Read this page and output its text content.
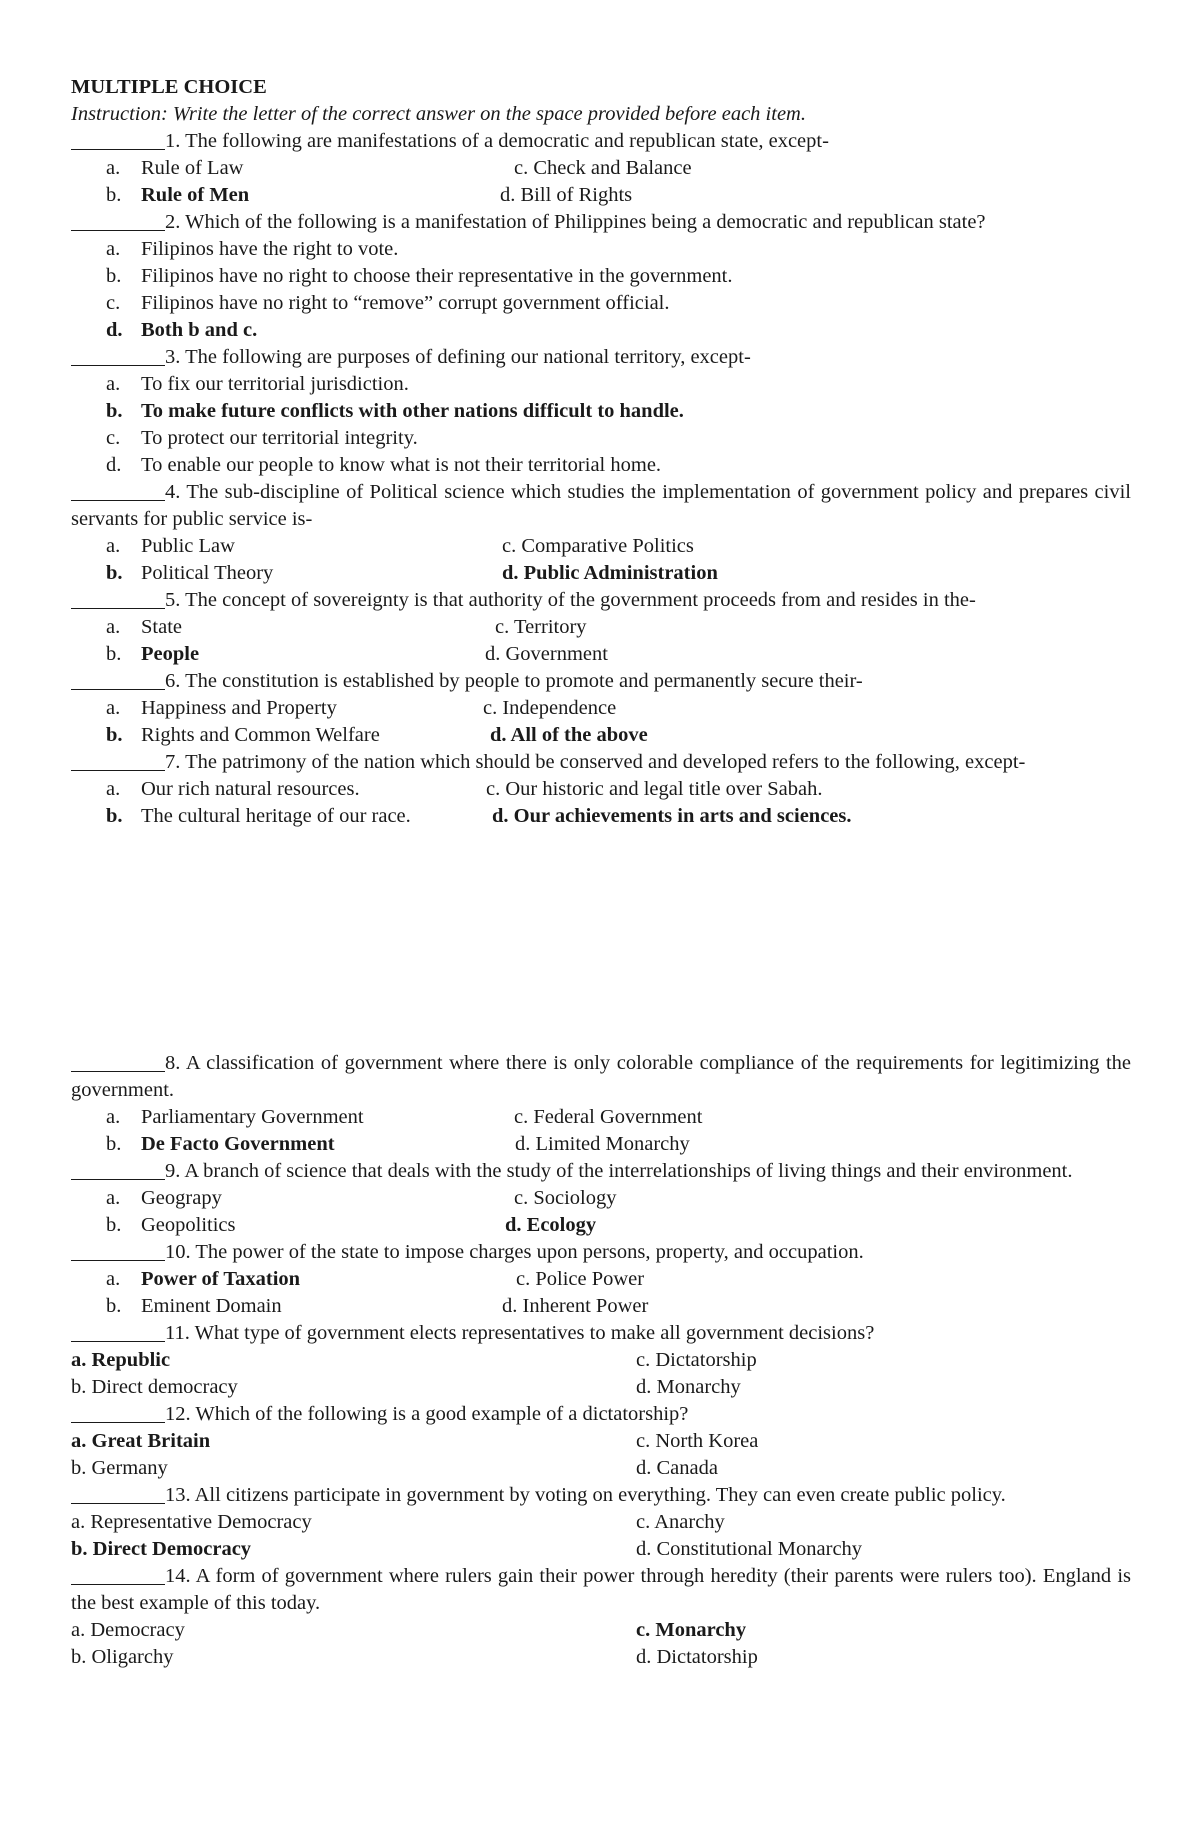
MULTIPLE CHOICE
Instruction: Write the letter of the correct answer on the space provided before each item.
1. The following are manifestations of a democratic and republican state, except-
a.	Rule of Law	c. Check and Balance
b. Rule of Men	d. Bill of Rights
2. Which of the following is a manifestation of Philippines being a democratic and republican state?
a.	Filipinos have the right to vote.
b. Filipinos have no right to choose their representative in the government.
c.	Filipinos have no right to “remove” corrupt government official.
d. Both b and c.
3. The following are purposes of defining our national territory, except-
a.	To fix our territorial jurisdiction.
b. To make future conflicts with other nations difficult to handle.
c.	To protect our territorial integrity.
d. To enable our people to know what is not their territorial home.
4. The sub-discipline of Political science which studies the implementation of government policy and prepares civil servants for public service is-
a.	Public Law	c. Comparative Politics
b. Political Theory	d. Public Administration
5. The concept of sovereignty is that authority of the government proceeds from and resides in the-
a.	State	c. Territory
b. People	d. Government
6. The constitution is established by people to promote and permanently secure their-
a.	Happiness and Property	c. Independence
b. Rights and Common Welfare	d. All of the above
7. The patrimony of the nation which should be conserved and developed refers to the following, except-
a.	Our rich natural resources.	c. Our historic and legal title over Sabah.
b. The cultural heritage of our race.	d. Our achievements in arts and sciences.
8. A classification of government where there is only colorable compliance of the requirements for legitimizing the government.
a.	Parliamentary Government	c. Federal Government
b. De Facto Government	d. Limited Monarchy
9. A branch of science that deals with the study of the interrelationships of living things and their environment.
a.	Geograpy	c. Sociology
b. Geopolitics	d. Ecology
10. The power of the state to impose charges upon persons, property, and occupation.
a.	Power of Taxation	c. Police Power
b. Eminent Domain	d. Inherent Power
11. What type of government elects representatives to make all government decisions?
a. Republic	c. Dictatorship
b. Direct democracy	d. Monarchy
12. Which of the following is a good example of a dictatorship?
a. Great Britain	c. North Korea
b. Germany	d. Canada
13. All citizens participate in government by voting on everything. They can even create public policy.
a. Representative Democracy	c. Anarchy
b. Direct Democracy	d. Constitutional Monarchy
14. A form of government where rulers gain their power through heredity (their parents were rulers too). England is the best example of this today.
a. Democracy	c. Monarchy
b. Oligarchy	d. Dictatorship
